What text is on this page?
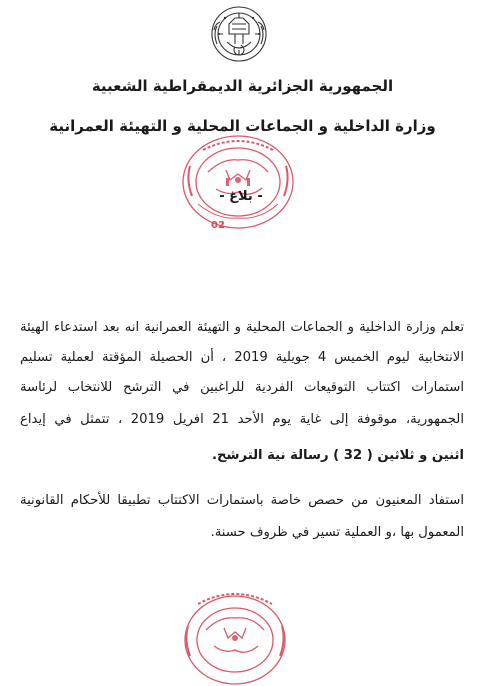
الجمهورية الجزائرية الديمقراطية الشعبية
وزارة الداخلية و الجماعات المحلية و التهيئة العمرانية
- بلاغ -
02
تعلم وزارة الداخلية و الجماعات المحلية و التهيئة العمرانية انه بعد استدعاء الهيئة
الانتخابية ليوم الخميس 4 جويلية 2019 ، أن الحصيلة المؤقتة لعملية تسليم
استمارات اكتتاب التوقيعات الفردية للراغبين في الترشح للانتخاب لرئاسة
الجمهورية، موقوفة إلى غاية يوم الأحد 21 افريل 2019 ، تتمثل في إيداع
اثنين و ثلاثين ( 32 ) رسالة نية الترشح.
استفاد المعنيون من حصص خاصة باستمارات الاكتتاب تطبيقا للأحكام القانونية
المعمول بها ،و العملية تسير في ظروف حسنة.
